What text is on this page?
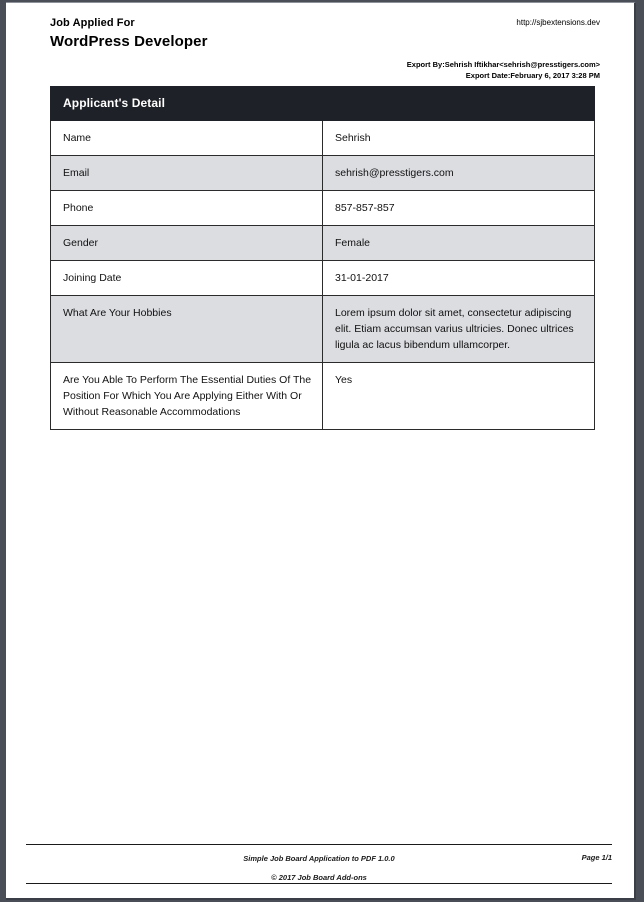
Job Applied For
WordPress Developer
http://sjbextensions.dev
Export By:Sehrish Iftikhar<sehrish@presstigers.com>
Export Date:February 6, 2017 3:28 PM
Applicant's Detail	
Name	Sehrish
Email	sehrish@presstigers.com
Phone	857-857-857
Gender	Female
Joining Date	31-01-2017
What Are Your Hobbies	Lorem ipsum dolor sit amet, consectetur adipiscing elit. Etiam accumsan varius ultricies. Donec ultrices ligula ac lacus bibendum ullamcorper.
Are You Able To Perform The Essential Duties Of The Position For Which You Are Applying Either With Or Without Reasonable Accommodations	Yes
Simple Job Board Application to PDF 1.0.0
© 2017 Job Board Add-ons
Page 1/1
